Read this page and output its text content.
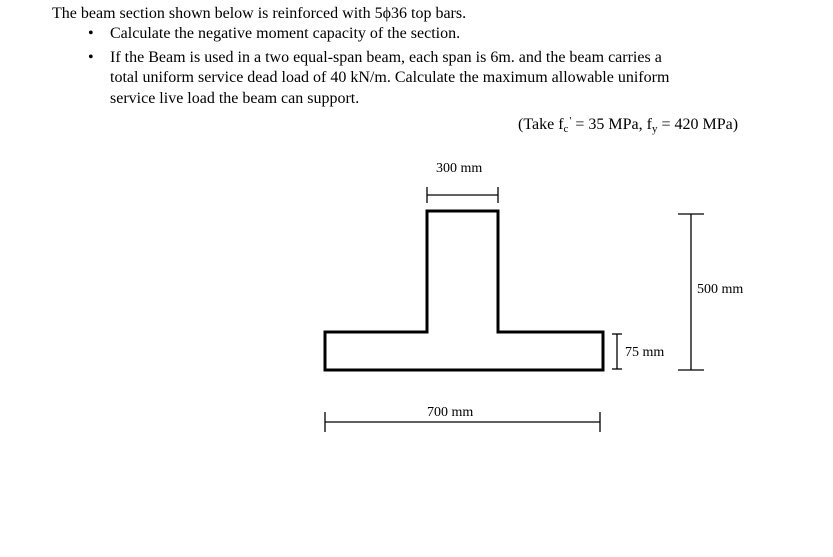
The beam section shown below is reinforced with 5ϕ36 top bars.
• Calculate the negative moment capacity of the section.
• If the Beam is used in a two equal-span beam, each span is 6m. and the beam carries a
total uniform service dead load of 40 kN/m. Calculate the maximum allowable uniform
service live load the beam can support.
(Take $f_c' = 35$ MPa, $f_y = 420$ MPa)
300 mm
700 mm
75 mm
500 mm
